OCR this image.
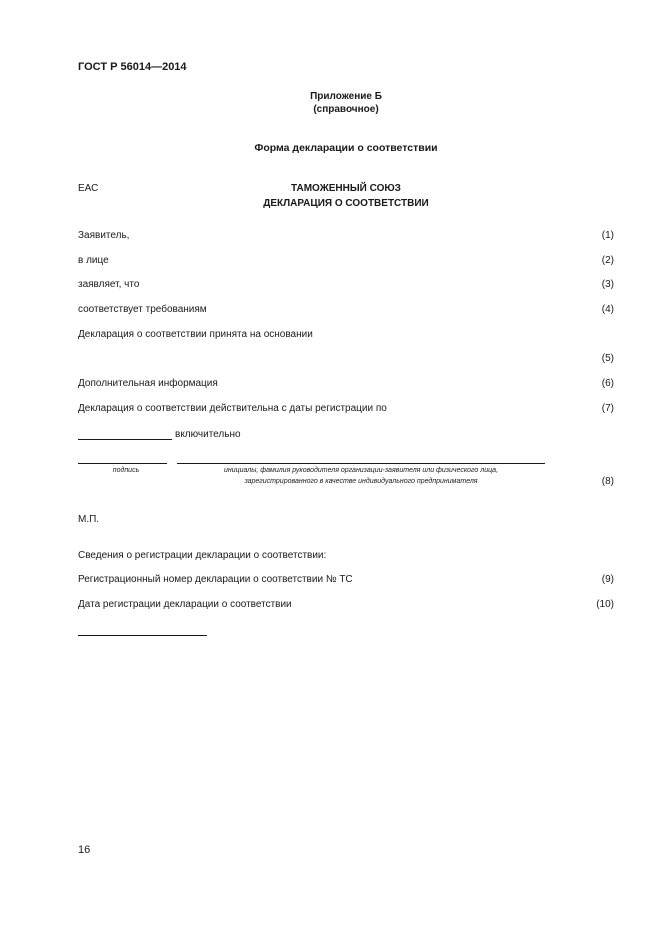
ГОСТ Р 56014—2014
Приложение Б
(справочное)
Форма декларации о соответствии
ЕАС	ТАМОЖЕННЫЙ СОЮЗ
ДЕКЛАРАЦИЯ О СООТВЕТСТВИИ
Заявитель,	(1)
в лице	(2)
заявляет, что	(3)
соответствует требованиям	(4)
Декларация о соответствии принята на основании
(5)
Дополнительная информация	(6)
Декларация о соответствии действительна с даты регистрации по	(7)
включительно
подпись	инициалы, фамилия руководителя организации-заявителя или физического лица,
зарегистрированного в качестве индивидуального предпринимателя	(8)
М.П.
Сведения о регистрации декларации о соответствии:
Регистрационный номер декларации о соответствии № ТС	(9)
Дата регистрации декларации о соответствии	(10)
16
